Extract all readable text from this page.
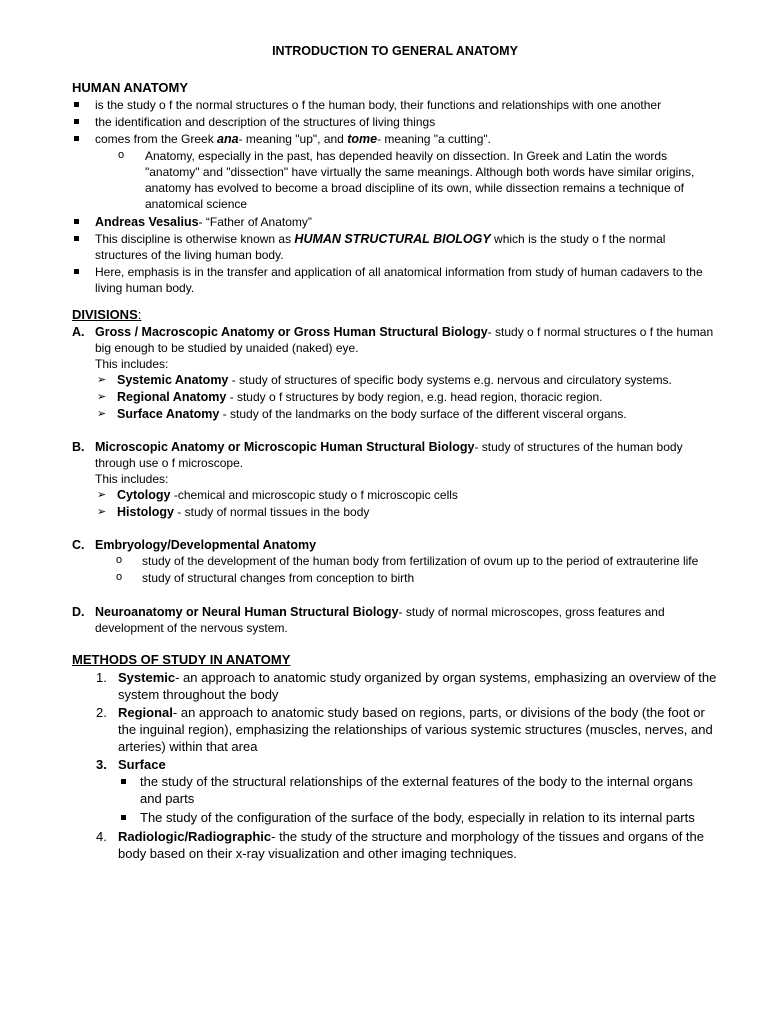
INTRODUCTION TO GENERAL ANATOMY
HUMAN ANATOMY
is the study o f the normal structures o f the human body, their functions and relationships with one another
the identification and description of the structures of living things
comes from the Greek ana- meaning "up", and tome- meaning "a cutting".
o Anatomy, especially in the past, has depended heavily on dissection. In Greek and Latin the words "anatomy" and "dissection" have virtually the same meanings. Although both words have similar origins, anatomy has evolved to become a broad discipline of its own, while dissection remains a technique of anatomical science
Andreas Vesalius- “Father of Anatomy”
This discipline is otherwise known as HUMAN STRUCTURAL BIOLOGY which is the study o f the normal structures of the living human body.
Here, emphasis is in the transfer and application of all anatomical information from study of human cadavers to the living human body.
DIVISIONS:
A. Gross / Macroscopic Anatomy or Gross Human Structural Biology- study o f normal structures o f the human big enough to be studied by unaided (naked) eye.
This includes:
➢ Systemic Anatomy - study of structures of specific body systems e.g. nervous and circulatory systems.
➢ Regional Anatomy - study o f structures by body region, e.g. head region, thoracic region.
➢ Surface Anatomy - study of the landmarks on the body surface of the different visceral organs.
B. Microscopic Anatomy or Microscopic Human Structural Biology- study of structures of the human body through use o f microscope.
This includes:
➢ Cytology -chemical and microscopic study o f microscopic cells
➢ Histology - study of normal tissues in the body
C. Embryology/Developmental Anatomy
o study of the development of the human body from fertilization of ovum up to the period of extrauterine life
o study of structural changes from conception to birth
D. Neuroanatomy or Neural Human Structural Biology- study of normal microscopes, gross features and development of the nervous system.
METHODS OF STUDY IN ANATOMY
1. Systemic- an approach to anatomic study organized by organ systems, emphasizing an overview of the system throughout the body
2. Regional- an approach to anatomic study based on regions, parts, or divisions of the body (the foot or the inguinal region), emphasizing the relationships of various systemic structures (muscles, nerves, and arteries) within that area
3. Surface
the study of the structural relationships of the external features of the body to the internal organs and parts
The study of the configuration of the surface of the body, especially in relation to its internal parts
4. Radiologic/Radiographic- the study of the structure and morphology of the tissues and organs of the body based on their x-ray visualization and other imaging techniques.
